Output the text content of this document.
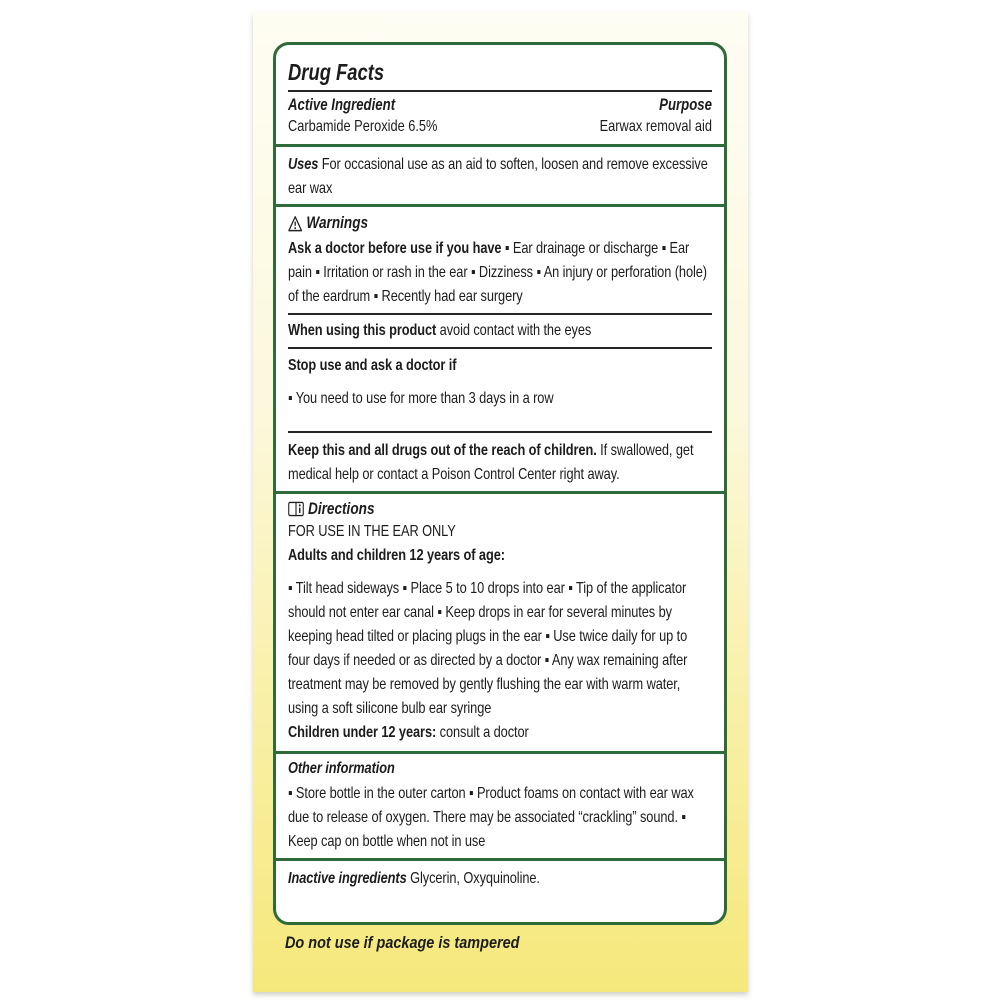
Drug Facts
Active Ingredient	Purpose
Carbamide Peroxide 6.5%	Earwax removal aid

Uses For occasional use as an aid to soften, loosen and remove excessive ear wax

Warnings

Ask a doctor before use if you have ▪ Ear drainage or discharge ▪ Ear pain ▪ Irritation or rash in the ear ▪ Dizziness ▪ An injury or perforation (hole) of the eardrum ▪ Recently had ear surgery

When using this product avoid contact with the eyes

Stop use and ask a doctor if

▪ You need to use for more than 3 days in a row

Keep this and all drugs out of the reach of children. If swallowed, get medical help or contact a Poison Control Center right away.

Directions

FOR USE IN THE EAR ONLY

Adults and children 12 years of age:

▪ Tilt head sideways ▪ Place 5 to 10 drops into ear ▪ Tip of the applicator should not enter ear canal ▪ Keep drops in ear for several minutes by keeping head tilted or placing plugs in the ear ▪ Use twice daily for up to four days if needed or as directed by a doctor ▪ Any wax remaining after treatment may be removed by gently flushing the ear with warm water, using a soft silicone bulb ear syringe

Children under 12 years: consult a doctor

Other information

▪ Store bottle in the outer carton ▪ Product foams on contact with ear wax due to release of oxygen. There may be associated “crackling” sound. ▪ Keep cap on bottle when not in use

Inactive ingredients Glycerin, Oxyquinoline.

Do not use if package is tampered
